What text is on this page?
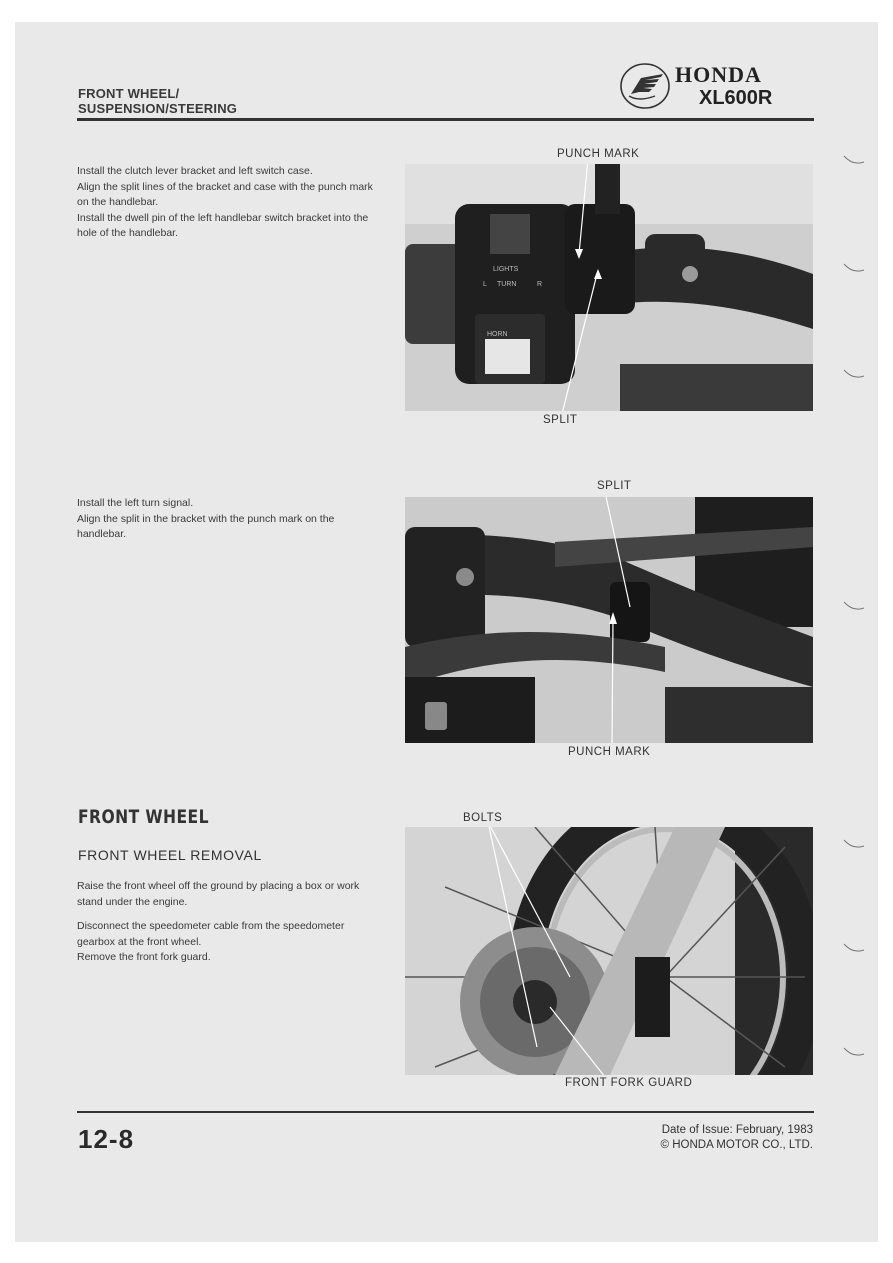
FRONT WHEEL/
SUSPENSION/STEERING
HONDA
XL600R

Install the clutch lever bracket and left switch case.

Align the split lines of the bracket and case with the punch mark on the handlebar.

Install the dwell pin of the left handlebar switch bracket into the hole of the handlebar.

PUNCH MARK
LIGHTS
L TURN	R
HORN
SPLIT

Install the left turn signal.

Align the split in the bracket with the punch mark on the handlebar.

SPLIT
PUNCH MARK
FRONT WHEEL
FRONT WHEEL REMOVAL

Raise the front wheel off the ground by placing a box or work stand under the engine.

Disconnect the speedometer cable from the speedometer gearbox at the front wheel.
Remove the front fork guard.

BOLTS
FRONT FORK GUARD
12-8	Date of Issue: February, 1983
© HONDA MOTOR CO., LTD.
